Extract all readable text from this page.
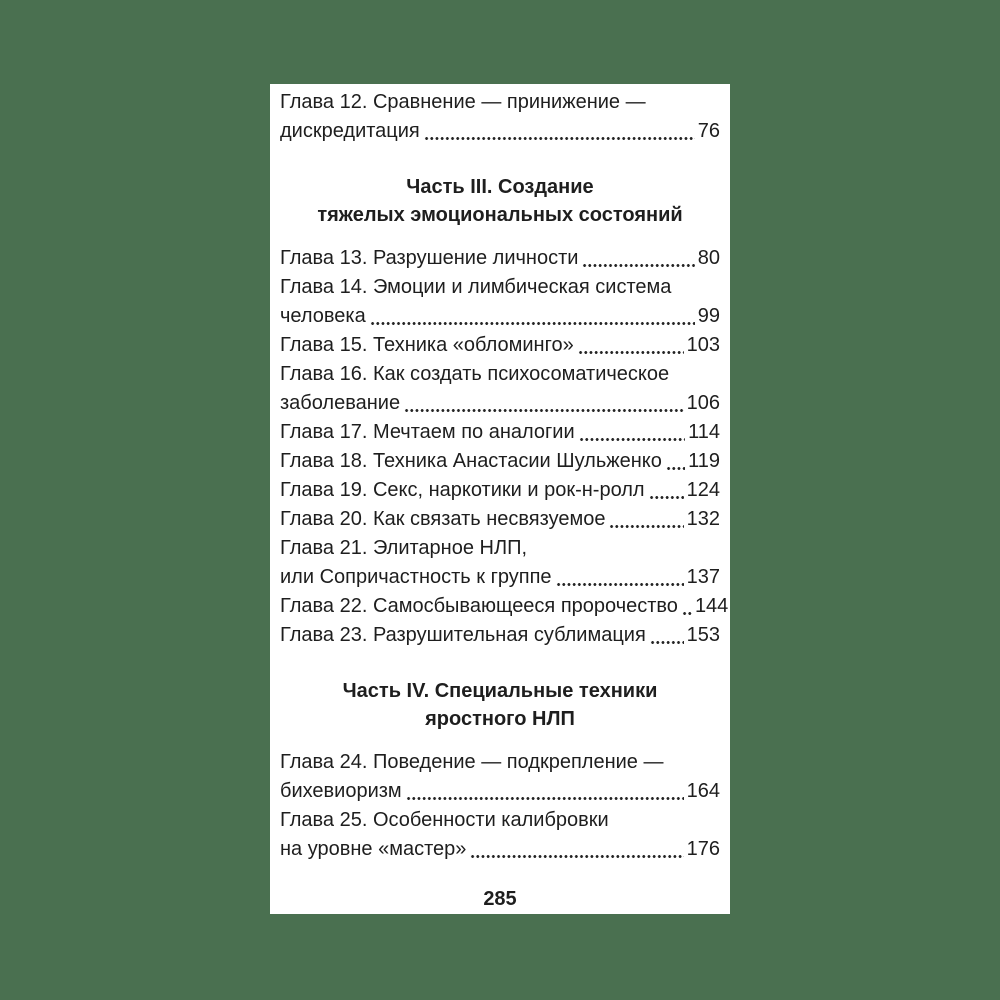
Глава 12. Сравнение — принижение —
дискредитация	76
Часть III. Создание
тяжелых эмоциональных состояний
Глава 13. Разрушение личности	80
Глава 14. Эмоции и лимбическая система
человека	99
Глава 15. Техника «обломинго»	103
Глава 16. Как создать психосоматическое
заболевание	106
Глава 17. Мечтаем по аналогии	114
Глава 18. Техника Анастасии Шульженко 119
Глава 19. Секс, наркотики и рок-н-ролл 124
Глава 20. Как связать несвязуемое	132
Глава 21. Элитарное НЛП,
или Сопричастность к группе	137
Глава 22. Самосбывающееся пророчество 144
Глава 23. Разрушительная сублимация 153
Часть IV. Специальные техники
яростного НЛП
Глава 24. Поведение — подкрепление —
бихевиоризм	164
Глава 25. Особенности калибровки
на уровне «мастер»	176
285
